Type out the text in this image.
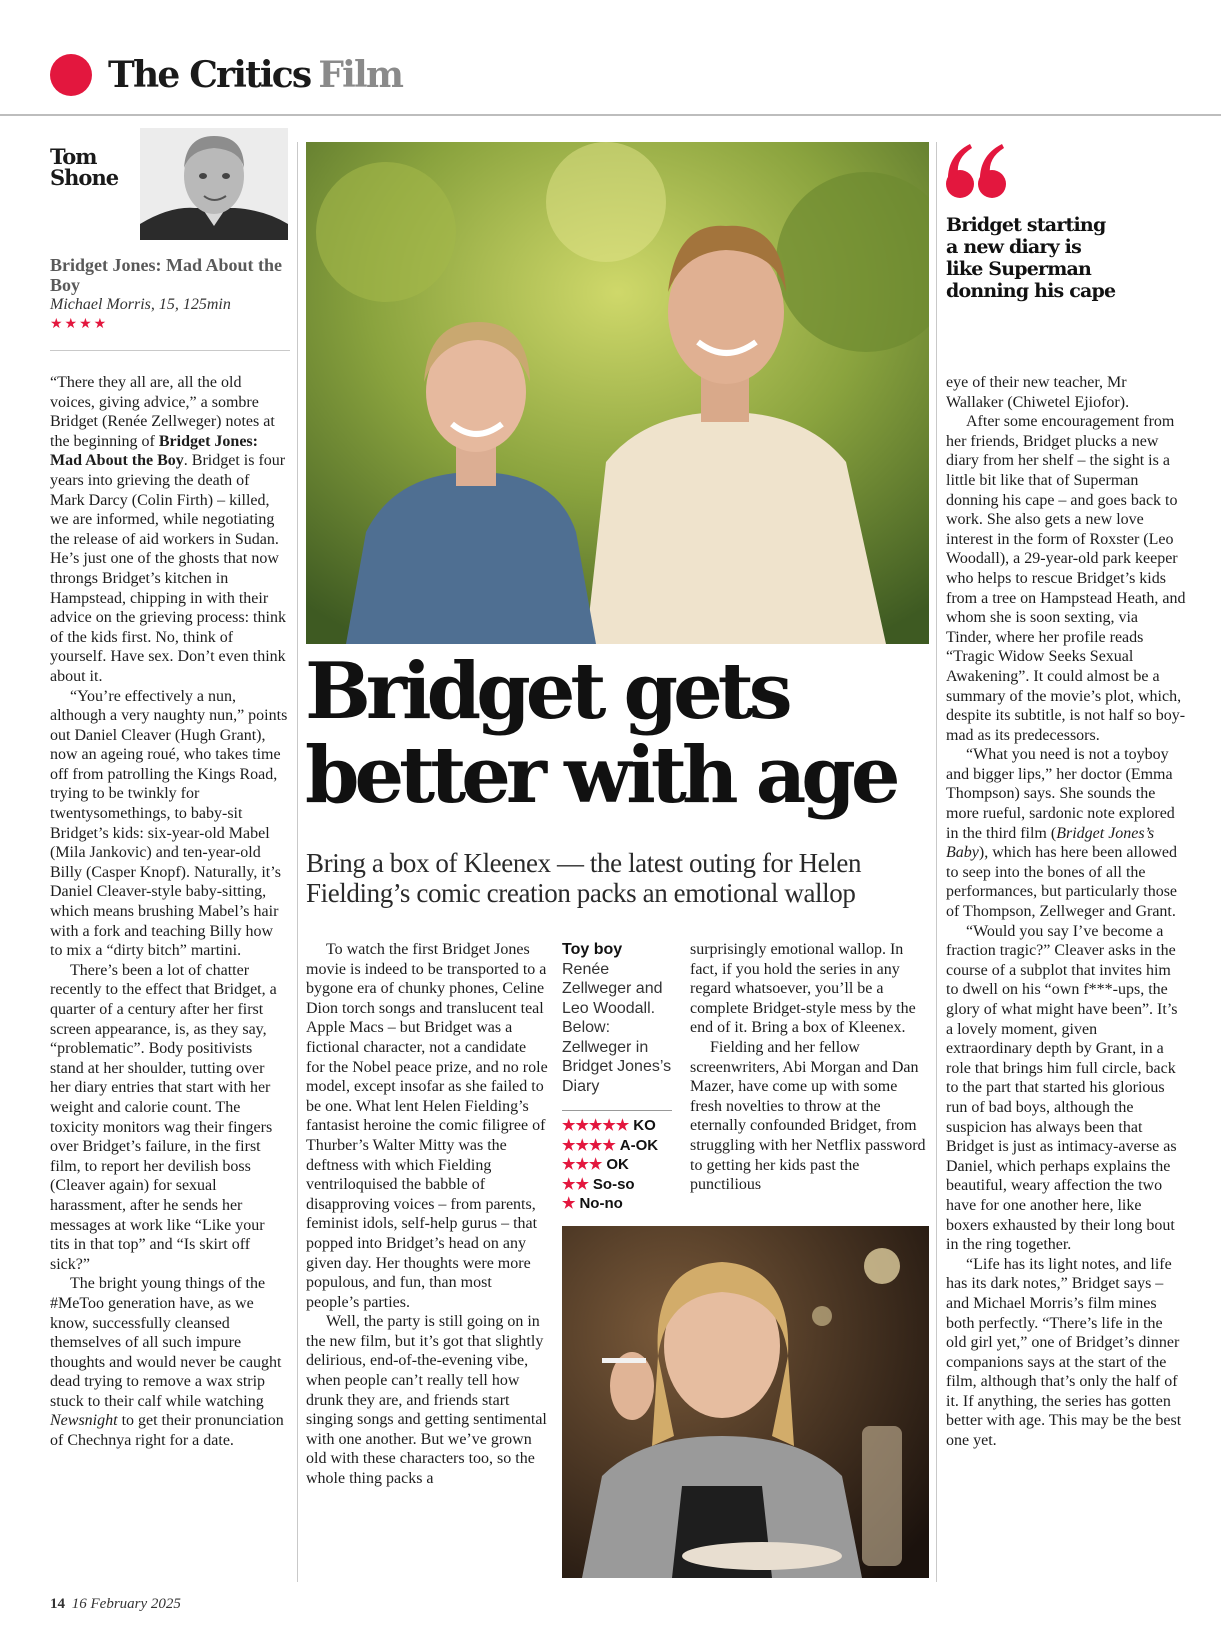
The Critics Film
Tom
Shone
Bridget Jones: Mad About the Boy
Michael Morris, 15, 125min
★★★★

“There they all are, all the old voices, giving advice,” a sombre Bridget (Renée Zellweger) notes at the beginning of Bridget Jones: Mad About the Boy. Bridget is four years into grieving the death of Mark Darcy (Colin Firth) – killed, we are informed, while negotiating the release of aid workers in Sudan. He’s just one of the ghosts that now throngs Bridget’s kitchen in Hampstead, chipping in with their advice on the grieving process: think of the kids first. No, think of yourself. Have sex. Don’t even think about it.

“You’re effectively a nun, although a very naughty nun,” points out Daniel Cleaver (Hugh Grant), now an ageing roué, who takes time off from patrolling the Kings Road, trying to be twinkly for twentysomethings, to baby-sit Bridget’s kids: six-year-old Mabel (Mila Jankovic) and ten-year-old Billy (Casper Knopf). Naturally, it’s Daniel Cleaver-style baby-sitting, which means brushing Mabel’s hair with a fork and teaching Billy how to mix a “dirty bitch” martini.

There’s been a lot of chatter recently to the effect that Bridget, a quarter of a century after her first screen appearance, is, as they say, “problematic”. Body positivists stand at her shoulder, tutting over her diary entries that start with her weight and calorie count. The toxicity monitors wag their fingers over Bridget’s failure, in the first film, to report her devilish boss (Cleaver again) for sexual harassment, after he sends her messages at work like “Like your tits in that top” and “Is skirt off sick?”

The bright young things of the #MeToo generation have, as we know, successfully cleansed themselves of all such impure thoughts and would never be caught dead trying to remove a wax strip stuck to their calf while watching Newsnight to get their pronunciation of Chechnya right for a date.

Bridget gets
better with age
Bring a box of Kleenex — the latest outing for Helen
Fielding’s comic creation packs an emotional wallop

To watch the first Bridget Jones movie is indeed to be transported to a bygone era of chunky phones, Celine Dion torch songs and translucent teal Apple Macs – but Bridget was a fictional character, not a candidate for the Nobel peace prize, and no role model, except insofar as she failed to be one. What lent Helen Fielding’s fantasist heroine the comic filigree of Thurber’s Walter Mitty was the deftness with which Fielding ventriloquised the babble of disapproving voices – from parents, feminist idols, self-help gurus – that popped into Bridget’s head on any given day. Her thoughts were more populous, and fun, than most people’s parties.

Well, the party is still going on in the new film, but it’s got that slightly delirious, end-of-the-evening vibe, when people can’t really tell how drunk they are, and friends start singing songs and getting sentimental with one another. But we’ve grown old with these characters too, so the whole thing packs a

Toy boy
Renée Zellweger and Leo Woodall. Below: Zellweger in Bridget Jones’s Diary
★★★★★ KO
★★★★ A-OK
★★★ OK
★★ So-so
★ No-no

surprisingly emotional wallop. In fact, if you hold the series in any regard whatsoever, you’ll be a complete Bridget-style mess by the end of it. Bring a box of Kleenex.

Fielding and her fellow screenwriters, Abi Morgan and Dan Mazer, have come up with some fresh novelties to throw at the eternally confounded Bridget, from struggling with her Netflix password to getting her kids past the punctilious

Bridget starting
a new diary is
like Superman
donning his cape

eye of their new teacher, Mr Wallaker (Chiwetel Ejiofor).

After some encouragement from her friends, Bridget plucks a new diary from her shelf – the sight is a little bit like that of Superman donning his cape – and goes back to work. She also gets a new love interest in the form of Roxster (Leo Woodall), a 29-year-old park keeper who helps to rescue Bridget’s kids from a tree on Hampstead Heath, and whom she is soon sexting, via Tinder, where her profile reads “Tragic Widow Seeks Sexual Awakening”. It could almost be a summary of the movie’s plot, which, despite its subtitle, is not half so boy-mad as its predecessors.

“What you need is not a toyboy and bigger lips,” her doctor (Emma Thompson) says. She sounds the more rueful, sardonic note explored in the third film (Bridget Jones’s Baby), which has here been allowed to seep into the bones of all the performances, but particularly those of Thompson, Zellweger and Grant.

“Would you say I’ve become a fraction tragic?” Cleaver asks in the course of a subplot that invites him to dwell on his “own f***-ups, the glory of what might have been”. It’s a lovely moment, given extraordinary depth by Grant, in a role that brings him full circle, back to the part that started his glorious run of bad boys, although the suspicion has always been that Bridget is just as intimacy-averse as Daniel, which perhaps explains the beautiful, weary affection the two have for one another here, like boxers exhausted by their long bout in the ring together.

“Life has its light notes, and life has its dark notes,” Bridget says – and Michael Morris’s film mines both perfectly. “There’s life in the old girl yet,” one of Bridget’s dinner companions says at the start of the film, although that’s only the half of it. If anything, the series has gotten better with age. This may be the best one yet.

14 16 February 2025
